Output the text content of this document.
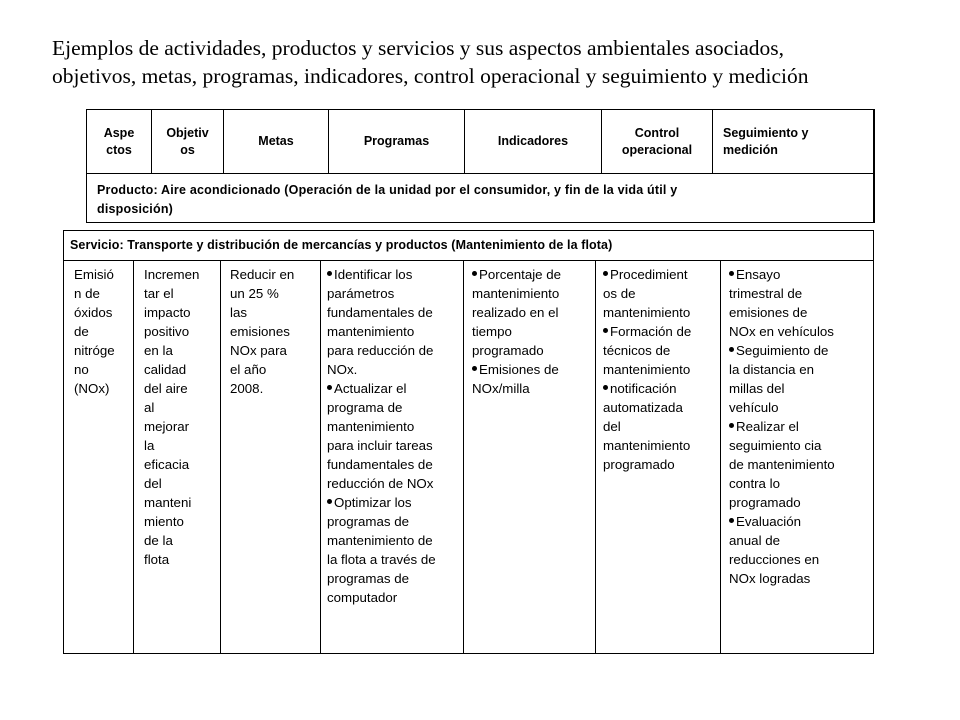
Ejemplos de actividades, productos y servicios y sus aspectos ambientales asociados,
objetivos, metas, programas, indicadores, control operacional y seguimiento y medición
Aspe
ctos
Objetiv
os
Metas	Programas	Indicadores
Control
operacional
Seguimiento y
medición
Producto: Aire acondicionado (Operación de la unidad por el consumidor, y fin de la vida útil y
disposición)
Servicio: Transporte y distribución de mercancías y productos (Mantenimiento de la flota)
Emisió
n de
óxidos
de
nitróge
no
(NOx)
Incremen
tar el
impacto
positivo
en la
calidad
del aire
al
mejorar
la
eficacia
del
manteni
miento
de la
flota
Reducir en
un 25 %
las
emisiones
NOx para
el año
2008.
Identificar los
parámetros
fundamentales de
mantenimiento
para reducción de
NOx.
Actualizar el
programa de
mantenimiento
para incluir tareas
fundamentales de
reducción de NOx
Optimizar los
programas de
mantenimiento de
la flota a través de
programas de
computador
Porcentaje de
mantenimiento
realizado en el
tiempo
programado
Emisiones de
NOx/milla
Procedimient
os de
mantenimiento
Formación de
técnicos de
mantenimiento
notificación
automatizada
del
mantenimiento
programado
Ensayo
trimestral de
emisiones de
NOx en vehículos
Seguimiento de
la distancia en
millas del
vehículo
Realizar el
seguimiento cia
de mantenimiento
contra lo
programado
Evaluación
anual de
reducciones en
NOx logradas
